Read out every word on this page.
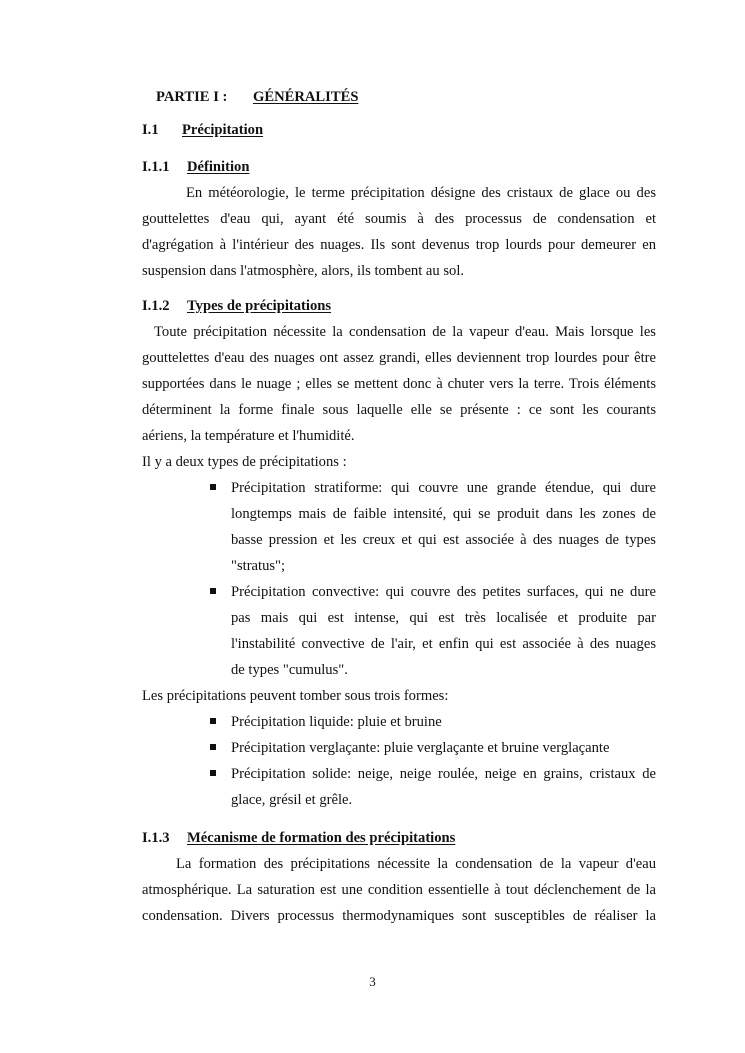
PARTIE I : GÉNÉRALITÉS

I.1 Précipitation

I.1.1 Définition

En météorologie, le terme précipitation désigne des cristaux de glace ou des

gouttelettes d'eau qui, ayant été soumis à des processus de condensation et

d'agrégation à l'intérieur des nuages. Ils sont devenus trop lourds pour demeurer en

suspension dans l'atmosphère, alors, ils tombent au sol.

I.1.2 Types de précipitations

Toute précipitation nécessite la condensation de la vapeur d'eau. Mais lorsque les

gouttelettes d'eau des nuages ont assez grandi, elles deviennent trop lourdes pour être

supportées dans le nuage ; elles se mettent donc à chuter vers la terre. Trois éléments

déterminent la forme finale sous laquelle elle se présente : ce sont les courants

aériens, la température et l'humidité.

Il y a deux types de précipitations :

Précipitation stratiforme: qui couvre une grande étendue, qui dure

longtemps mais de faible intensité, qui se produit dans les zones de

basse pression et les creux et qui est associée à des nuages de types

"stratus";

Précipitation convective: qui couvre des petites surfaces, qui ne dure

pas mais qui est intense, qui est très localisée et produite par

l'instabilité convective de l'air, et enfin qui est associée à des nuages

de types "cumulus".

Les précipitations peuvent tomber sous trois formes:

Précipitation liquide: pluie et bruine

Précipitation verglaçante: pluie verglaçante et bruine verglaçante

Précipitation solide: neige, neige roulée, neige en grains, cristaux de

glace, grésil et grêle.

I.1.3 Mécanisme de formation des précipitations

La formation des précipitations nécessite la condensation de la vapeur d'eau

atmosphérique. La saturation est une condition essentielle à tout déclenchement de la

condensation. Divers processus thermodynamiques sont susceptibles de réaliser la

3
